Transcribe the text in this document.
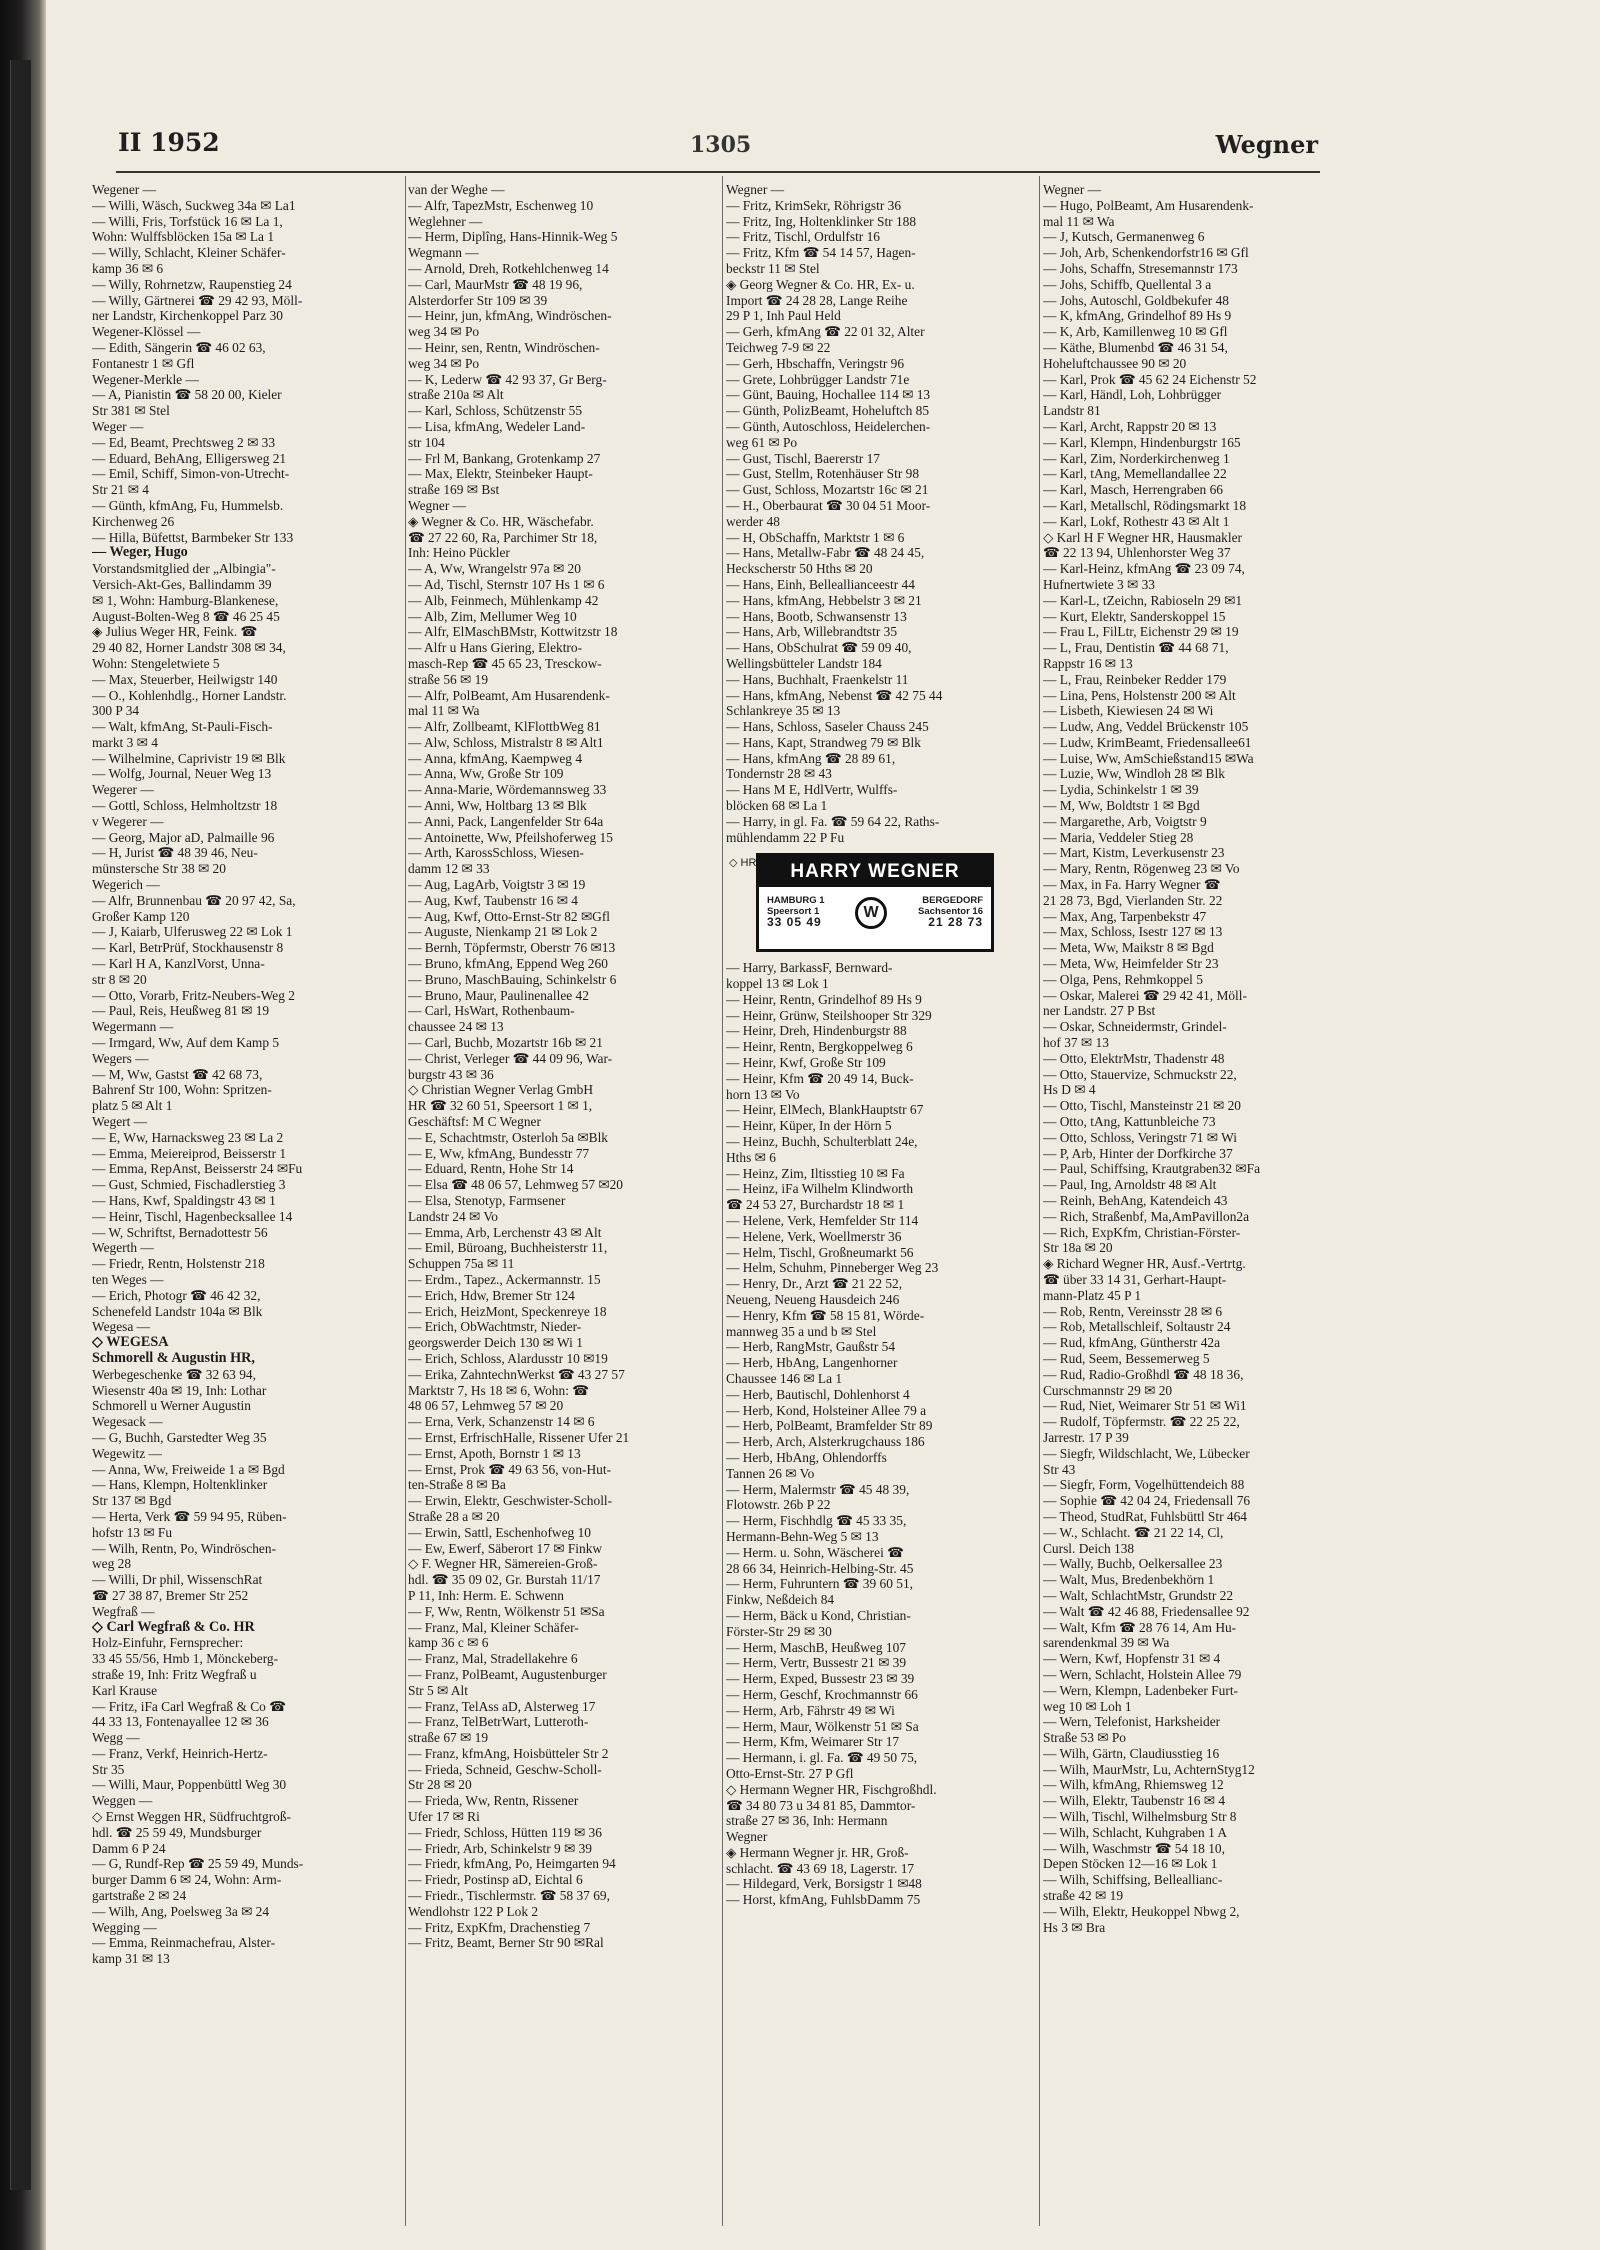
II 1952	1305	Wegner
Wegener —
— Willi, Wäsch, Suckweg 34a ✉ La1
— Willi, Fris, Torfstück 16 ✉ La 1,
Wohn: Wulffsblöcken 15a ✉ La 1
— Willy, Schlacht, Kleiner Schäfer-
kamp 36 ✉ 6
— Willy, Rohrnetzw, Raupenstieg 24
— Willy, Gärtnerei ☎ 29 42 93, Möll-
ner Landstr, Kirchenkoppel Parz 30
Wegener-Klössel —
— Edith, Sängerin ☎ 46 02 63,
Fontanestr 1 ✉ Gfl
Wegener-Merkle —
— A, Pianistin ☎ 58 20 00, Kieler
Str 381 ✉ Stel
Weger —
— Ed, Beamt, Prechtsweg 2 ✉ 33
— Eduard, BehAng, Elligersweg 21
— Emil, Schiff, Simon-von-Utrecht-
Str 21 ✉ 4
— Günth, kfmAng, Fu, Hummelsb.
Kirchenweg 26
— Hilla, Büfettst, Barmbeker Str 133
— Weger, Hugo
Vorstandsmitglied der „Albingia"-
Versich-Akt-Ges, Ballindamm 39
✉ 1, Wohn: Hamburg-Blankenese,
August-Bolten-Weg 8 ☎ 46 25 45
◈ Julius Weger HR, Feink. ☎
29 40 82, Horner Landstr 308 ✉ 34,
Wohn: Stengeletwiete 5
— Max, Steuerber, Heilwigstr 140
— O., Kohlenhdlg., Horner Landstr.
300 P 34
— Walt, kfmAng, St-Pauli-Fisch-
markt 3 ✉ 4
— Wilhelmine, Caprivistr 19 ✉ Blk
— Wolfg, Journal, Neuer Weg 13
Wegerer —
— Gottl, Schloss, Helmholtzstr 18
v Wegerer —
— Georg, Major aD, Palmaille 96
— H, Jurist ☎ 48 39 46, Neu-
münstersche Str 38 ✉ 20
Wegerich —
— Alfr, Brunnenbau ☎ 20 97 42, Sa,
Großer Kamp 120
— J, Kaiarb, Ulferusweg 22 ✉ Lok 1
— Karl, BetrPrüf, Stockhausenstr 8
— Karl H A, KanzlVorst, Unna-
str 8 ✉ 20
— Otto, Vorarb, Fritz-Neubers-Weg 2
— Paul, Reis, Heußweg 81 ✉ 19
Wegermann —
— Irmgard, Ww, Auf dem Kamp 5
Wegers —
— M, Ww, Gastst ☎ 42 68 73,
Bahrenf Str 100, Wohn: Spritzen-
platz 5 ✉ Alt 1
Wegert —
— E, Ww, Harnacksweg 23 ✉ La 2
— Emma, Meiereiprod, Beisserstr 1
— Emma, RepAnst, Beisserstr 24 ✉Fu
— Gust, Schmied, Fischadlerstieg 3
— Hans, Kwf, Spaldingstr 43 ✉ 1
— Heinr, Tischl, Hagenbecksallee 14
— W, Schriftst, Bernadottestr 56
Wegerth —
— Friedr, Rentn, Holstenstr 218
ten Weges —
— Erich, Photogr ☎ 46 42 32,
Schenefeld Landstr 104a ✉ Blk
Wegesa —
◇ WEGESA
Schmorell & Augustin HR,
Werbegeschenke ☎ 32 63 94,
Wiesenstr 40a ✉ 19, Inh: Lothar
Schmorell u Werner Augustin
Wegesack —
— G, Buchh, Garstedter Weg 35
Wegewitz —
— Anna, Ww, Freiweide 1 a ✉ Bgd
— Hans, Klempn, Holtenklinker
Str 137 ✉ Bgd
— Herta, Verk ☎ 59 94 95, Rüben-
hofstr 13 ✉ Fu
— Wilh, Rentn, Po, Windröschen-
weg 28
— Willi, Dr phil, WissenschRat
☎ 27 38 87, Bremer Str 252
Wegfraß —
◇ Carl Wegfraß & Co. HR
Holz-Einfuhr, Fernsprecher:
33 45 55/56, Hmb 1, Mönckeberg-
straße 19, Inh: Fritz Wegfraß u
Karl Krause
— Fritz, iFa Carl Wegfraß & Co ☎
44 33 13, Fontenayallee 12 ✉ 36
Wegg —
— Franz, Verkf, Heinrich-Hertz-
Str 35
— Willi, Maur, Poppenbüttl Weg 30
Weggen —
◇ Ernst Weggen HR, Südfruchtgroß-
hdl. ☎ 25 59 49, Mundsburger
Damm 6 P 24
— G, Rundf-Rep ☎ 25 59 49, Munds-
burger Damm 6 ✉ 24, Wohn: Arm-
gartstraße 2 ✉ 24
— Wilh, Ang, Poelsweg 3a ✉ 24
Wegging —
— Emma, Reinmachefrau, Alster-
kamp 31 ✉ 13
van der Weghe —
— Alfr, TapezMstr, Eschenweg 10
Weglehner —
— Herm, Diplîng, Hans-Hinnik-Weg 5
Wegmann —
— Arnold, Dreh, Rotkehlchenweg 14
— Carl, MaurMstr ☎ 48 19 96,
Alsterdorfer Str 109 ✉ 39
— Heinr, jun, kfmAng, Windröschen-
weg 34 ✉ Po
— Heinr, sen, Rentn, Windröschen-
weg 34 ✉ Po
— K, Lederw ☎ 42 93 37, Gr Berg-
straße 210a ✉ Alt
— Karl, Schloss, Schützenstr 55
— Lisa, kfmAng, Wedeler Land-
str 104
— Frl M, Bankang, Grotenkamp 27
— Max, Elektr, Steinbeker Haupt-
straße 169 ✉ Bst
Wegner —
◈ Wegner & Co. HR, Wäschefabr.
☎ 27 22 60, Ra, Parchimer Str 18,
Inh: Heino Pückler
— A, Ww, Wrangelstr 97a ✉ 20
— Ad, Tischl, Sternstr 107 Hs 1 ✉ 6
— Alb, Feinmech, Mühlenkamp 42
— Alb, Zim, Mellumer Weg 10
— Alfr, ElMaschBMstr, Kottwitzstr 18
— Alfr u Hans Giering, Elektro-
masch-Rep ☎ 45 65 23, Tresckow-
straße 56 ✉ 19
— Alfr, PolBeamt, Am Husarendenk-
mal 11 ✉ Wa
— Alfr, Zollbeamt, KlFlottbWeg 81
— Alw, Schloss, Mistralstr 8 ✉ Alt1
— Anna, kfmAng, Kaempweg 4
— Anna, Ww, Große Str 109
— Anna-Marie, Wördemannsweg 33
— Anni, Ww, Holtbarg 13 ✉ Blk
— Anni, Pack, Langenfelder Str 64a
— Antoinette, Ww, Pfeilshoferweg 15
— Arth, KarossSchloss, Wiesen-
damm 12 ✉ 33
— Aug, LagArb, Voigtstr 3 ✉ 19
— Aug, Kwf, Taubenstr 16 ✉ 4
— Aug, Kwf, Otto-Ernst-Str 82 ✉Gfl
— Auguste, Nienkamp 21 ✉ Lok 2
— Bernh, Töpfermstr, Oberstr 76 ✉13
— Bruno, kfmAng, Eppend Weg 260
— Bruno, MaschBauing, Schinkelstr 6
— Bruno, Maur, Paulinenallee 42
— Carl, HsWart, Rothenbaum-
chaussee 24 ✉ 13
— Carl, Buchb, Mozartstr 16b ✉ 21
— Christ, Verleger ☎ 44 09 96, War-
burgstr 43 ✉ 36
◇ Christian Wegner Verlag GmbH
HR ☎ 32 60 51, Speersort 1 ✉ 1,
Geschäftsf: M C Wegner
— E, Schachtmstr, Osterloh 5a ✉Blk
— E, Ww, kfmAng, Bundesstr 77
— Eduard, Rentn, Hohe Str 14
— Elsa ☎ 48 06 57, Lehmweg 57 ✉20
— Elsa, Stenotyp, Farmsener
Landstr 24 ✉ Vo
— Emma, Arb, Lerchenstr 43 ✉ Alt
— Emil, Büroang, Buchheisterstr 11,
Schuppen 75a ✉ 11
— Erdm., Tapez., Ackermannstr. 15
— Erich, Hdw, Bremer Str 124
— Erich, HeizMont, Speckenreye 18
— Erich, ObWachtmstr, Nieder-
georgswerder Deich 130 ✉ Wi 1
— Erich, Schloss, Alardusstr 10 ✉19
— Erika, ZahntechnWerkst ☎ 43 27 57
Marktstr 7, Hs 18 ✉ 6, Wohn: ☎
48 06 57, Lehmweg 57 ✉ 20
— Erna, Verk, Schanzenstr 14 ✉ 6
— Ernst, ErfrischHalle, Rissener Ufer 21
— Ernst, Apoth, Bornstr 1 ✉ 13
— Ernst, Prok ☎ 49 63 56, von-Hut-
ten-Straße 8 ✉ Ba
— Erwin, Elektr, Geschwister-Scholl-
Straße 28 a ✉ 20
— Erwin, Sattl, Eschenhofweg 10
— Ew, Ewerf, Säberort 17 ✉ Finkw
◇ F. Wegner HR, Sämereien-Groß-
hdl. ☎ 35 09 02, Gr. Burstah 11/17
P 11, Inh: Herm. E. Schwenn
— F, Ww, Rentn, Wölkenstr 51 ✉Sa
— Franz, Mal, Kleiner Schäfer-
kamp 36 c ✉ 6
— Franz, Mal, Stradellakehre 6
— Franz, PolBeamt, Augustenburger
Str 5 ✉ Alt
— Franz, TelAss aD, Alsterweg 17
— Franz, TelBetrWart, Lutteroth-
straße 67 ✉ 19
— Franz, kfmAng, Hoisbütteler Str 2
— Frieda, Schneid, Geschw-Scholl-
Str 28 ✉ 20
— Frieda, Ww, Rentn, Rissener
Ufer 17 ✉ Ri
— Friedr, Schloss, Hütten 119 ✉ 36
— Friedr, Arb, Schinkelstr 9 ✉ 39
— Friedr, kfmAng, Po, Heimgarten 94
— Friedr, Postinsp aD, Eichtal 6
— Friedr., Tischlermstr. ☎ 58 37 69,
Wendlohstr 122 P Lok 2
— Fritz, ExpKfm, Drachenstieg 7
— Fritz, Beamt, Berner Str 90 ✉Ral
Wegner —
— Fritz, KrimSekr, Röhrigstr 36
— Fritz, Ing, Holtenklinker Str 188
— Fritz, Tischl, Ordulfstr 16
— Fritz, Kfm ☎ 54 14 57, Hagen-
beckstr 11 ✉ Stel
◈ Georg Wegner & Co. HR, Ex- u.
Import ☎ 24 28 28, Lange Reihe
29 P 1, Inh Paul Held
— Gerh, kfmAng ☎ 22 01 32, Alter
Teichweg 7-9 ✉ 22
— Gerh, Hbschaffn, Veringstr 96
— Grete, Lohbrügger Landstr 71e
— Günt, Bauing, Hochallee 114 ✉ 13
— Günth, PolizBeamt, Hoheluftch 85
— Günth, Autoschloss, Heidelerchen-
weg 61 ✉ Po
— Gust, Tischl, Baererstr 17
— Gust, Stellm, Rotenhäuser Str 98
— Gust, Schloss, Mozartstr 16c ✉ 21
— H., Oberbaurat ☎ 30 04 51 Moor-
werder 48
— H, ObSchaffn, Marktstr 1 ✉ 6
— Hans, Metallw-Fabr ☎ 48 24 45,
Heckscherstr 50 Hths ✉ 20
— Hans, Einh, Belleallianceestr 44
— Hans, kfmAng, Hebbelstr 3 ✉ 21
— Hans, Bootb, Schwansenstr 13
— Hans, Arb, Willebrandtstr 35
— Hans, ObSchulrat ☎ 59 09 40,
Wellingsbütteler Landstr 184
— Hans, Buchhalt, Fraenkelstr 11
— Hans, kfmAng, Nebenst ☎ 42 75 44
Schlankreye 35 ✉ 13
— Hans, Schloss, Saseler Chauss 245
— Hans, Kapt, Strandweg 79 ✉ Blk
— Hans, kfmAng ☎ 28 89 61,
Tondernstr 28 ✉ 43
— Hans M E, HdlVertr, Wulffs-
blöcken 68 ✉ La 1
— Harry, in gl. Fa. ☎ 59 64 22, Raths-
mühlendamm 22 P Fu
◇ HR	HARRY WEGNER
HAMBURG 1
Speersort 1
33 05 49
W
BERGEDORF
Sachsentor 16
21 28 73
— Harry, BarkassF, Bernward-
koppel 13 ✉ Lok 1
— Heinr, Rentn, Grindelhof 89 Hs 9
— Heinr, Grünw, Steilshooper Str 329
— Heinr, Dreh, Hindenburgstr 88
— Heinr, Rentn, Bergkoppelweg 6
— Heinr, Kwf, Große Str 109
— Heinr, Kfm ☎ 20 49 14, Buck-
horn 13 ✉ Vo
— Heinr, ElMech, BlankHauptstr 67
— Heinr, Küper, In der Hörn 5
— Heinz, Buchh, Schulterblatt 24e,
Hths ✉ 6
— Heinz, Zim, Iltisstieg 10 ✉ Fa
— Heinz, iFa Wilhelm Klindworth
☎ 24 53 27, Burchardstr 18 ✉ 1
— Helene, Verk, Hemfelder Str 114
— Helene, Verk, Woellmerstr 36
— Helm, Tischl, Großneumarkt 56
— Helm, Schuhm, Pinneberger Weg 23
— Henry, Dr., Arzt ☎ 21 22 52,
Neueng, Neueng Hausdeich 246
— Henry, Kfm ☎ 58 15 81, Wörde-
mannweg 35 a und b ✉ Stel
— Herb, RangMstr, Gaußstr 54
— Herb, HbAng, Langenhorner
Chaussee 146 ✉ La 1
— Herb, Bautischl, Dohlenhorst 4
— Herb, Kond, Holsteiner Allee 79 a
— Herb, PolBeamt, Bramfelder Str 89
— Herb, Arch, Alsterkrugchauss 186
— Herb, HbAng, Ohlendorffs
Tannen 26 ✉ Vo
— Herm, Malermstr ☎ 45 48 39,
Flotowstr. 26b P 22
— Herm, Fischhdlg ☎ 45 33 35,
Hermann-Behn-Weg 5 ✉ 13
— Herm. u. Sohn, Wäscherei ☎
28 66 34, Heinrich-Helbing-Str. 45
— Herm, Fuhruntern ☎ 39 60 51,
Finkw, Neßdeich 84
— Herm, Bäck u Kond, Christian-
Förster-Str 29 ✉ 30
— Herm, MaschB, Heußweg 107
— Herm, Vertr, Bussestr 21 ✉ 39
— Herm, Exped, Bussestr 23 ✉ 39
— Herm, Geschf, Krochmannstr 66
— Herm, Arb, Fährstr 49 ✉ Wi
— Herm, Maur, Wölkenstr 51 ✉ Sa
— Herm, Kfm, Weimarer Str 17
— Hermann, i. gl. Fa. ☎ 49 50 75,
Otto-Ernst-Str. 27 P Gfl
◇ Hermann Wegner HR, Fischgroßhdl.
☎ 34 80 73 u 34 81 85, Dammtor-
straße 27 ✉ 36, Inh: Hermann
Wegner
◈ Hermann Wegner jr. HR, Groß-
schlacht. ☎ 43 69 18, Lagerstr. 17
— Hildegard, Verk, Borsigstr 1 ✉48
— Horst, kfmAng, FuhlsbDamm 75
Wegner —
— Hugo, PolBeamt, Am Husarendenk-
mal 11 ✉ Wa
— J, Kutsch, Germanenweg 6
— Joh, Arb, Schenkendorfstr16 ✉ Gfl
— Johs, Schaffn, Stresemannstr 173
— Johs, Schiffb, Quellental 3 a
— Johs, Autoschl, Goldbekufer 48
— K, kfmAng, Grindelhof 89 Hs 9
— K, Arb, Kamillenweg 10 ✉ Gfl
— Käthe, Blumenbd ☎ 46 31 54,
Hoheluftchaussee 90 ✉ 20
— Karl, Prok ☎ 45 62 24 Eichenstr 52
— Karl, Händl, Loh, Lohbrügger
Landstr 81
— Karl, Archt, Rappstr 20 ✉ 13
— Karl, Klempn, Hindenburgstr 165
— Karl, Zim, Norderkirchenweg 1
— Karl, tAng, Memellandallee 22
— Karl, Masch, Herrengraben 66
— Karl, Metallschl, Rödingsmarkt 18
— Karl, Lokf, Rothestr 43 ✉ Alt 1
◇ Karl H F Wegner HR, Hausmakler
☎ 22 13 94, Uhlenhorster Weg 37
— Karl-Heinz, kfmAng ☎ 23 09 74,
Hufnertwiete 3 ✉ 33
— Karl-L, tZeichn, Rabioseln 29 ✉1
— Kurt, Elektr, Sanderskoppel 15
— Frau L, FilLtr, Eichenstr 29 ✉ 19
— L, Frau, Dentistin ☎ 44 68 71,
Rappstr 16 ✉ 13
— L, Frau, Reinbeker Redder 179
— Lina, Pens, Holstenstr 200 ✉ Alt
— Lisbeth, Kiewiesen 24 ✉ Wi
— Ludw, Ang, Veddel Brückenstr 105
— Ludw, KrimBeamt, Friedensallee61
— Luise, Ww, AmSchießstand15 ✉Wa
— Luzie, Ww, Windloh 28 ✉ Blk
— Lydia, Schinkelstr 1 ✉ 39
— M, Ww, Boldtstr 1 ✉ Bgd
— Margarethe, Arb, Voigtstr 9
— Maria, Veddeler Stieg 28
— Mart, Kistm, Leverkusenstr 23
— Mary, Rentn, Rögenweg 23 ✉ Vo
— Max, in Fa. Harry Wegner ☎
21 28 73, Bgd, Vierlanden Str. 22
— Max, Ang, Tarpenbekstr 47
— Max, Schloss, Isestr 127 ✉ 13
— Meta, Ww, Maikstr 8 ✉ Bgd
— Meta, Ww, Heimfelder Str 23
— Olga, Pens, Rehmkoppel 5
— Oskar, Malerei ☎ 29 42 41, Möll-
ner Landstr. 27 P Bst
— Oskar, Schneidermstr, Grindel-
hof 37 ✉ 13
— Otto, ElektrMstr, Thadenstr 48
— Otto, Stauervize, Schmuckstr 22,
Hs D ✉ 4
— Otto, Tischl, Mansteinstr 21 ✉ 20
— Otto, tAng, Kattunbleiche 73
— Otto, Schloss, Veringstr 71 ✉ Wi
— P, Arb, Hinter der Dorfkirche 37
— Paul, Schiffsing, Krautgraben32 ✉Fa
— Paul, Ing, Arnoldstr 48 ✉ Alt
— Reinh, BehAng, Katendeich 43
— Rich, Straßenbf, Ma,AmPavillon2a
— Rich, ExpKfm, Christian-Förster-
Str 18a ✉ 20
◈ Richard Wegner HR, Ausf.-Vertrtg.
☎ über 33 14 31, Gerhart-Haupt-
mann-Platz 45 P 1
— Rob, Rentn, Vereinsstr 28 ✉ 6
— Rob, Metallschleif, Soltaustr 24
— Rud, kfmAng, Güntherstr 42a
— Rud, Seem, Bessemerweg 5
— Rud, Radio-Großhdl ☎ 48 18 36,
Curschmannstr 29 ✉ 20
— Rud, Niet, Weimarer Str 51 ✉ Wi1
— Rudolf, Töpfermstr. ☎ 22 25 22,
Jarrestr. 17 P 39
— Siegfr, Wildschlacht, We, Lübecker
Str 43
— Siegfr, Form, Vogelhüttendeich 88
— Sophie ☎ 42 04 24, Friedensall 76
— Theod, StudRat, Fuhlsbüttl Str 464
— W., Schlacht. ☎ 21 22 14, Cl,
Cursl. Deich 138
— Wally, Buchb, Oelkersallee 23
— Walt, Mus, Bredenbekhörn 1
— Walt, SchlachtMstr, Grundstr 22
— Walt ☎ 42 46 88, Friedensallee 92
— Walt, Kfm ☎ 28 76 14, Am Hu-
sarendenkmal 39 ✉ Wa
— Wern, Kwf, Hopfenstr 31 ✉ 4
— Wern, Schlacht, Holstein Allee 79
— Wern, Klempn, Ladenbeker Furt-
weg 10 ✉ Loh 1
— Wern, Telefonist, Harksheider
Straße 53 ✉ Po
— Wilh, Gärtn, Claudiusstieg 16
— Wilh, MaurMstr, Lu, AchternStyg12
— Wilh, kfmAng, Rhiemsweg 12
— Wilh, Elektr, Taubenstr 16 ✉ 4
— Wilh, Tischl, Wilhelmsburg Str 8
— Wilh, Schlacht, Kuhgraben 1 A
— Wilh, Waschmstr ☎ 54 18 10,
Depen Stöcken 12—16 ✉ Lok 1
— Wilh, Schiffsing, Belleallianc-
straße 42 ✉ 19
— Wilh, Elektr, Heukoppel Nbwg 2,
Hs 3 ✉ Bra
